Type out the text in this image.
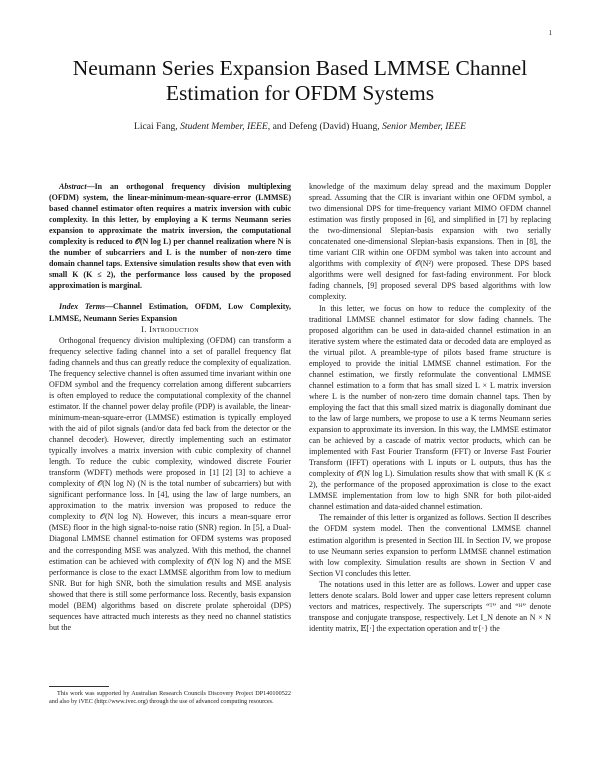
1
Neumann Series Expansion Based LMMSE Channel Estimation for OFDM Systems
Licai Fang, Student Member, IEEE, and Defeng (David) Huang, Senior Member, IEEE

Abstract—In an orthogonal frequency division multiplexing (OFDM) system, the linear-minimum-mean-square-error (LMMSE) based channel estimator often requires a matrix inversion with cubic complexity. In this letter, by employing a K terms Neumann series expansion to approximate the matrix inversion, the computational complexity is reduced to 𝒪(N log L) per channel realization where N is the number of subcarriers and L is the number of non-zero time domain channel taps. Extensive simulation results show that even with small K (K ≤ 2), the performance loss caused by the proposed approximation is marginal.

Index Terms—Channel Estimation, OFDM, Low Complexity, LMMSE, Neumann Series Expansion

I. Introduction

Orthogonal frequency division multiplexing (OFDM) can transform a frequency selective fading channel into a set of parallel frequency flat fading channels and thus can greatly reduce the complexity of equalization. The frequency selective channel is often assumed time invariant within one OFDM symbol and the frequency correlation among different subcarriers is often employed to reduce the computational complexity of the channel estimator. If the channel power delay profile (PDP) is available, the linear-minimum-mean-square-error (LMMSE) estimation is typically employed with the aid of pilot signals (and/or data fed back from the detector or the channel decoder). However, directly implementing such an estimator typically involves a matrix inversion with cubic complexity of channel length. To reduce the cubic complexity, windowed discrete Fourier transform (WDFT) methods were proposed in [1] [2] [3] to achieve a complexity of 𝒪(N log N) (N is the total number of subcarriers) but with significant performance loss. In [4], using the law of large numbers, an approximation to the matrix inversion was proposed to reduce the complexity to 𝒪(N log N). However, this incurs a mean-square error (MSE) floor in the high signal-to-noise ratio (SNR) region. In [5], a Dual-Diagonal LMMSE channel estimation for OFDM systems was proposed and the corresponding MSE was analyzed. With this method, the channel estimation can be achieved with complexity of 𝒪(N log N) and the MSE performance is close to the exact LMMSE algorithm from low to medium SNR. But for high SNR, both the simulation results and MSE analysis showed that there is still some performance loss. Recently, basis expansion model (BEM) algorithms based on discrete prolate spheroidal (DPS) sequences have attracted much interests as they need no channel statistics but the

knowledge of the maximum delay spread and the maximum Doppler spread. Assuming that the CIR is invariant within one OFDM symbol, a two dimensional DPS for time-frequency variant MIMO OFDM channel estimation was firstly proposed in [6], and simplified in [7] by replacing the two-dimensional Slepian-basis expansion with two serially concatenated one-dimensional Slepian-basis expansions. Then in [8], the time variant CIR within one OFDM symbol was taken into account and algorithms with complexity of 𝒪(N²) were proposed. These DPS based algorithms were well designed for fast-fading environment. For block fading channels, [9] proposed several DPS based algorithms with low complexity.

In this letter, we focus on how to reduce the complexity of the traditional LMMSE channel estimator for slow fading channels. The proposed algorithm can be used in data-aided channel estimation in an iterative system where the estimated data or decoded data are employed as the virtual pilot. A preamble-type of pilots based frame structure is employed to provide the initial LMMSE channel estimation. For the channel estimation, we firstly reformulate the conventional LMMSE channel estimation to a form that has small sized L × L matrix inversion where L is the number of non-zero time domain channel taps. Then by employing the fact that this small sized matrix is diagonally dominant due to the law of large numbers, we propose to use a K terms Neumann series expansion to approximate its inversion. In this way, the LMMSE estimator can be achieved by a cascade of matrix vector products, which can be implemented with Fast Fourier Transform (FFT) or Inverse Fast Fourier Transform (IFFT) operations with L inputs or L outputs, thus has the complexity of 𝒪(N log L). Simulation results show that with small K (K ≤ 2), the performance of the proposed approximation is close to the exact LMMSE implementation from low to high SNR for both pilot-aided channel estimation and data-aided channel estimation.

The remainder of this letter is organized as follows. Section II describes the OFDM system model. Then the conventional LMMSE channel estimation algorithm is presented in Section III. In Section IV, we propose to use Neumann series expansion to perform LMMSE channel estimation with low complexity. Simulation results are shown in Section V and Section VI concludes this letter.

The notations used in this letter are as follows. Lower and upper case letters denote scalars. Bold lower and upper case letters represent column vectors and matrices, respectively. The superscripts “ᵀ” and “ᴴ” denote transpose and conjugate transpose, respectively. Let I_N denote an N × N identity matrix, 𝔼[·] the expectation operation and tr{·} the

This work was supported by Australian Research Councils Discovery Project DP140100522 and also by iVEC (http://www.ivec.org) through the use of advanced computing resources.
